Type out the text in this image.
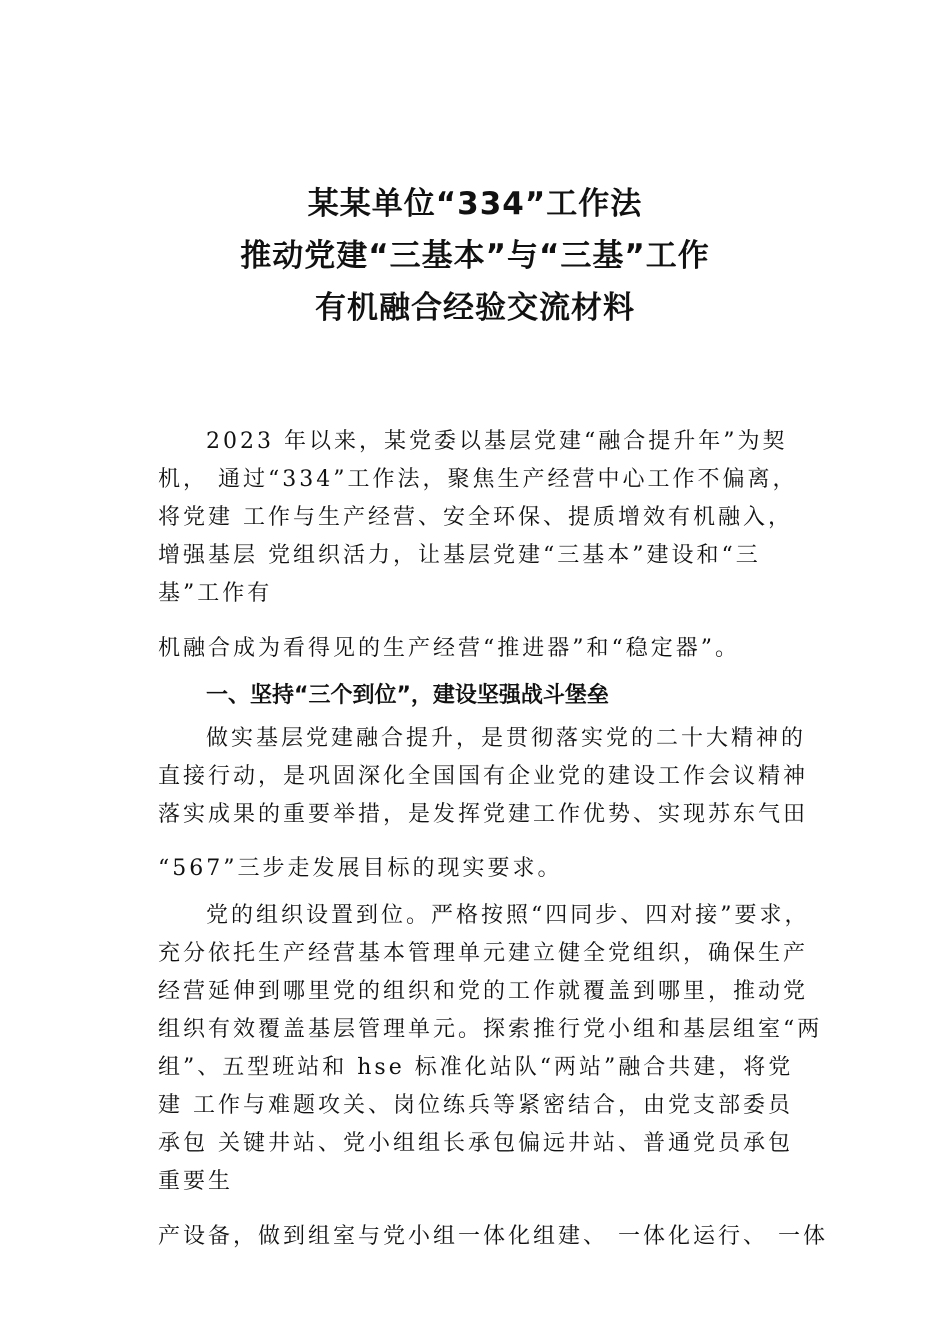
某某单位“334”工作法
推动党建“三基本”与“三基”工作
有机融合经验交流材料
2023 年以来，某党委以基层党建“融合提升年”为契
机， 通过“334”工作法，聚焦生产经营中心工作不偏离，
将党建 工作与生产经营、安全环保、提质增效有机融入，
增强基层 党组织活力，让基层党建“三基本”建设和“三
基”工作有
机融合成为看得见的生产经营“推进器”和“稳定器”。
一、坚持“三个到位”，建设坚强战斗堡垒
做实基层党建融合提升，是贯彻落实党的二十大精神的
直接行动，是巩固深化全国国有企业党的建设工作会议精神
落实成果的重要举措，是发挥党建工作优势、实现苏东气田
“567”三步走发展目标的现实要求。
党的组织设置到位。严格按照“四同步、四对接”要求，
充分依托生产经营基本管理单元建立健全党组织，确保生产
经营延伸到哪里党的组织和党的工作就覆盖到哪里，推动党
组织有效覆盖基层管理单元。探索推行党小组和基层组室“两
组”、五型班站和 hse 标准化站队“两站”融合共建，将党
建 工作与难题攻关、岗位练兵等紧密结合，由党支部委员
承包 关键井站、党小组组长承包偏远井站、普通党员承包
重要生
产设备，做到组室与党小组一体化组建、 一体化运行、 一体
